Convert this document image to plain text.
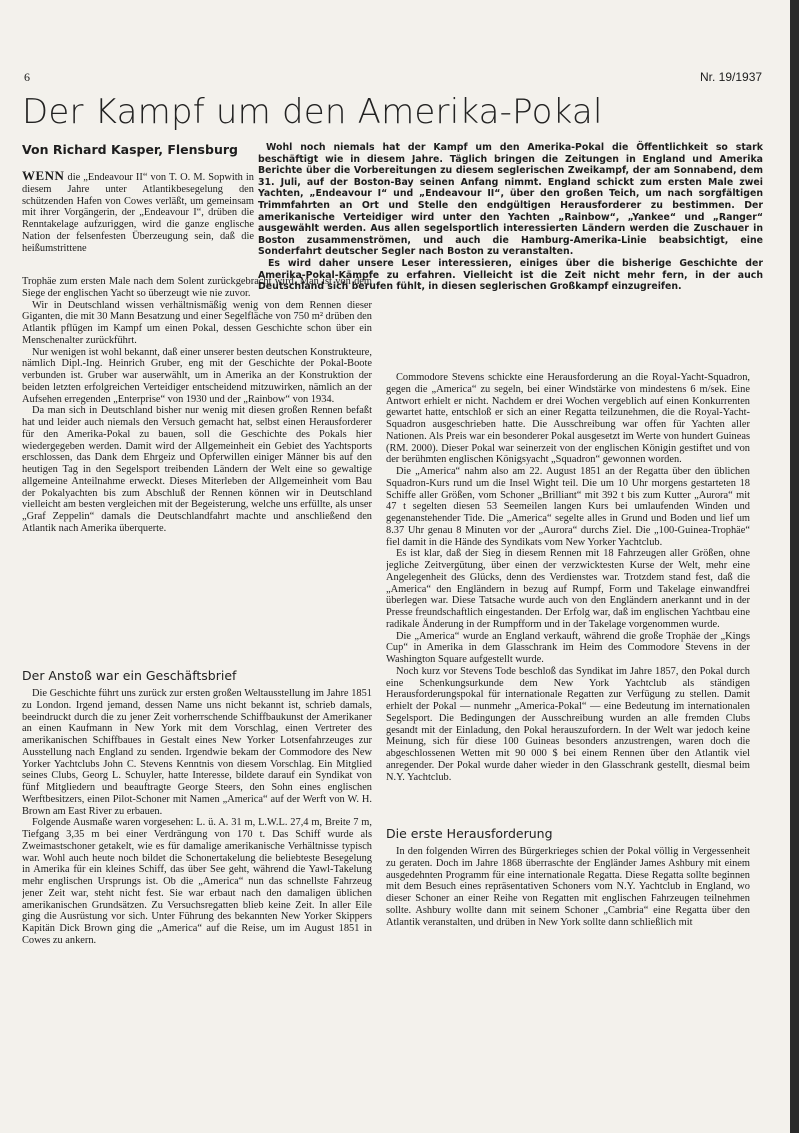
6	Nr. 19/1937
Der Kampf um den Amerika-Pokal
Von Richard Kasper, Flensburg	Wohl noch niemals hat der Kampf um den Amerika-Pokal die Öffentlichkeit so stark beschäftigt wie in diesem Jahre. Täglich bringen die Zeitungen in England und Amerika Berichte über die Vorbereitungen zu diesem seglerischen Zweikampf, der am Sonnabend, dem 31. Juli, auf der Boston-Bay seinen Anfang nimmt. England schickt zum ersten Male zwei Yachten, „Endeavour I“ und „Endeavour II“, über den großen Teich, um nach sorgfältigen Trimmfahrten an Ort und Stelle den endgültigen Herausforderer zu bestimmen. Der amerikanische Verteidiger wird unter den Yachten „Rainbow“, „Yankee“ und „Ranger“ ausgewählt werden. Aus allen segelsportlich interessierten Ländern werden die Zuschauer in Boston zusammenströmen, und auch die Hamburg-Amerika-Linie beabsichtigt, eine Sonderfahrt deutscher Segler nach Boston zu veranstalten.

Es wird daher unsere Leser interessieren, einiges über die bisherige Geschichte der Amerika-Pokal-Kämpfe zu erfahren. Vielleicht ist die Zeit nicht mehr fern, in der auch Deutschland sich berufen fühlt, in diesen seglerischen Großkampf einzugreifen.

WENN die „Endeavour II“ von T. O. M. Sopwith in diesem Jahre unter Atlantikbesegelung den schützenden Hafen von Cowes verläßt, um gemeinsam mit ihrer Vorgängerin, der „Endeavour I“, drüben die Renntakelage aufzuriggen, wird die ganze englische Nation der felsenfesten Überzeugung sein, daß die heißumstrittene

Trophäe zum ersten Male nach dem Solent zurückgebracht wird. Man ist von dem Siege der englischen Yacht so überzeugt wie nie zuvor.

Wir in Deutschland wissen verhältnismäßig wenig von dem Rennen dieser Giganten, die mit 30 Mann Besatzung und einer Segelfläche von 750 m² drüben den Atlantik pflügen im Kampf um einen Pokal, dessen Geschichte schon über ein Menschenalter zurückführt.

Nur wenigen ist wohl bekannt, daß einer unserer besten deutschen Konstrukteure, nämlich Dipl.-Ing. Heinrich Gruber, eng mit der Geschichte der Pokal-Boote verbunden ist. Gruber war auserwählt, um in Amerika an der Konstruktion der beiden letzten erfolgreichen Verteidiger entscheidend mitzuwirken, nämlich an der Aufsehen erregenden „Enterprise“ von 1930 und der „Rainbow“ von 1934.

Da man sich in Deutschland bisher nur wenig mit diesen großen Rennen befaßt hat und leider auch niemals den Versuch gemacht hat, selbst einen Herausforderer für den Amerika-Pokal zu bauen, soll die Geschichte des Pokals hier wiedergegeben werden. Damit wird der Allgemeinheit ein Gebiet des Yachtsports erschlossen, das Dank dem Ehrgeiz und Opferwillen einiger Männer bis auf den heutigen Tag in den Segelsport treibenden Ländern der Welt eine so gewaltige allgemeine Anteilnahme erweckt. Dieses Miterleben der Allgemeinheit vom Bau der Pokalyachten bis zum Abschluß der Rennen können wir in Deutschland vielleicht am besten vergleichen mit der Begeisterung, welche uns erfüllte, als unser „Graf Zeppelin“ damals die Deutschlandfahrt machte und anschließend den Atlantik nach Amerika überquerte.

Der Anstoß war ein Geschäftsbrief

Die Geschichte führt uns zurück zur ersten großen Weltausstellung im Jahre 1851 zu London. Irgend jemand, dessen Name uns nicht bekannt ist, schrieb damals, beeindruckt durch die zu jener Zeit vorherrschende Schiffbaukunst der Amerikaner an einen Kaufmann in New York mit dem Vorschlag, einen Vertreter des amerikanischen Schiffbaues in Gestalt eines New Yorker Lotsenfahrzeuges zur Ausstellung nach England zu senden. Irgendwie bekam der Commodore des New Yorker Yachtclubs John C. Stevens Kenntnis von diesem Vorschlag. Ein Mitglied seines Clubs, Georg L. Schuyler, hatte Interesse, bildete darauf ein Syndikat von fünf Mitgliedern und beauftragte George Steers, den Sohn eines englischen Werftbesitzers, einen Pilot-Schoner mit Namen „America“ auf der Werft von W. H. Brown am East River zu erbauen.

Folgende Ausmaße waren vorgesehen: L. ü. A. 31 m, L.W.L. 27,4 m, Breite 7 m, Tiefgang 3,35 m bei einer Verdrängung von 170 t. Das Schiff wurde als Zweimastschoner getakelt, wie es für damalige amerikanische Verhältnisse typisch war. Wohl auch heute noch bildet die Schonertakelung die beliebteste Besegelung in Amerika für ein kleines Schiff, das über See geht, während die Yawl-Takelung mehr englischen Ursprungs ist. Ob die „America“ nun das schnellste Fahrzeug jener Zeit war, steht nicht fest. Sie war erbaut nach den damaligen üblichen amerikanischen Grundsätzen. Zu Versuchsregatten blieb keine Zeit. In aller Eile ging die Ausrüstung vor sich. Unter Führung des bekannten New Yorker Skippers Kapitän Dick Brown ging die „America“ auf die Reise, um im August 1851 in Cowes zu ankern.

Commodore Stevens schickte eine Herausforderung an die Royal-Yacht-Squadron, gegen die „America“ zu segeln, bei einer Windstärke von mindestens 6 m/sek. Eine Antwort erhielt er nicht. Nachdem er drei Wochen vergeblich auf einen Konkurrenten gewartet hatte, entschloß er sich an einer Regatta teilzunehmen, die die Royal-Yacht-Squadron ausgeschrieben hatte. Die Ausschreibung war offen für Yachten aller Nationen. Als Preis war ein besonderer Pokal ausgesetzt im Werte von hundert Guineas (RM. 2000). Dieser Pokal war seinerzeit von der englischen Königin gestiftet und von der berühmten englischen Königsyacht „Squadron“ gewonnen worden.

Die „America“ nahm also am 22. August 1851 an der Regatta über den üblichen Squadron-Kurs rund um die Insel Wight teil. Die um 10 Uhr morgens gestarteten 18 Schiffe aller Größen, vom Schoner „Brilliant“ mit 392 t bis zum Kutter „Aurora“ mit 47 t segelten diesen 53 Seemeilen langen Kurs bei umlaufenden Winden und gegenanstehender Tide. Die „America“ segelte alles in Grund und Boden und lief um 8.37 Uhr genau 8 Minuten vor der „Aurora“ durchs Ziel. Die „100-Guinea-Trophäe“ fiel damit in die Hände des Syndikats vom New Yorker Yachtclub.

Es ist klar, daß der Sieg in diesem Rennen mit 18 Fahrzeugen aller Größen, ohne jegliche Zeitvergütung, über einen der verzwicktesten Kurse der Welt, mehr eine Angelegenheit des Glücks, denn des Verdienstes war. Trotzdem stand fest, daß die „America“ den Engländern in bezug auf Rumpf, Form und Takelage einwandfrei überlegen war. Diese Tatsache wurde auch von den Engländern anerkannt und in der Presse freundschaftlich eingestanden. Der Erfolg war, daß im englischen Yachtbau eine radikale Änderung in der Rumpfform und in der Takelage vorgenommen wurde.

Die „America“ wurde an England verkauft, während die große Trophäe der „Kings Cup“ in Amerika in dem Glasschrank im Heim des Commodore Stevens in der Washington Square aufgestellt wurde.

Noch kurz vor Stevens Tode beschloß das Syndikat im Jahre 1857, den Pokal durch eine Schenkungsurkunde dem New York Yachtclub als ständigen Herausforderungspokal für internationale Regatten zur Verfügung zu stellen. Damit erhielt der Pokal — nunmehr „America-Pokal“ — eine Bedeutung im internationalen Segelsport. Die Bedingungen der Ausschreibung wurden an alle fremden Clubs gesandt mit der Einladung, den Pokal herauszufordern. In der Welt war jedoch keine Meinung, sich für diese 100 Guineas besonders anzustrengen, waren doch die abgeschlossenen Wetten mit 90 000 $ bei einem Rennen über den Atlantik viel anregender. Der Pokal wurde daher wieder in den Glasschrank gestellt, diesmal beim N.Y. Yachtclub.

Die erste Herausforderung

In den folgenden Wirren des Bürgerkrieges schien der Pokal völlig in Vergessenheit zu geraten. Doch im Jahre 1868 überraschte der Engländer James Ashbury mit einem ausgedehnten Programm für eine internationale Regatta. Diese Regatta sollte beginnen mit dem Besuch eines repräsentativen Schoners vom N.Y. Yachtclub in England, wo dieser Schoner an einer Reihe von Regatten mit englischen Fahrzeugen teilnehmen sollte. Ashbury wollte dann mit seinem Schoner „Cambria“ eine Regatta über den Atlantik veranstalten, und drüben in New York sollte dann schließlich mit
